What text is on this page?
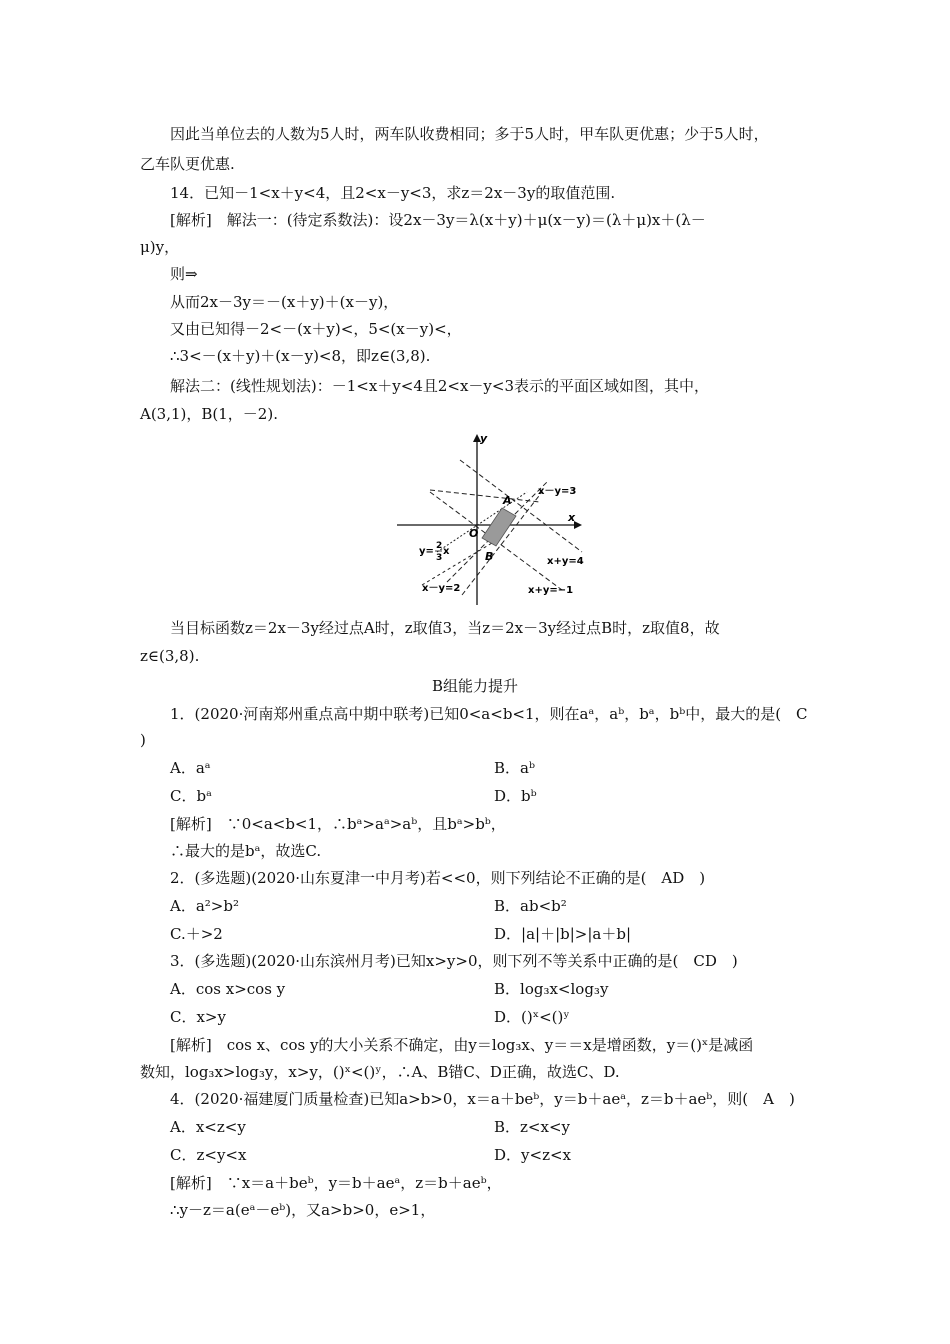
因此当单位去的人数为5人时，两车队收费相同；多于5人时，甲车队更优惠；少于5人时，
乙车队更优惠.
14．已知－1<x＋y<4，且2<x－y<3，求z＝2x－3y的取值范围.
[解析]　解法一：(待定系数法)：设2x－3y＝λ(x＋y)＋μ(x－y)＝(λ＋μ)x＋(λ－
μ)y，
则⇒
从而2x－3y＝－(x＋y)＋(x－y)，
又由已知得－2<－(x＋y)<，5<(x－y)<，
∴3<－(x＋y)＋(x－y)<8，即z∈(3,8).
解法二：(线性规划法)：－1<x＋y<4且2<x－y<3表示的平面区域如图，其中，
A(3,1)，B(1，－2).
x
y
O
A
B
x－y=3
x+y=4
x+y=−1
x－y=2
y= 2
3
x
当目标函数z＝2x－3y经过点A时，z取值3，当z＝2x－3y经过点B时，z取值8，故
z∈(3,8).
B组能力提升
1．(2020·河南郑州重点高中期中联考)已知0<a<b<1，则在aᵃ，aᵇ，bᵃ，bᵇ中，最大的是(　C
)
A．aᵃ	B．aᵇ
C．bᵃ	D．bᵇ
[解析]　∵0<a<b<1，∴bᵃ>aᵃ>aᵇ，且bᵃ>bᵇ，
∴最大的是bᵃ，故选C.
2．(多选题)(2020·山东夏津一中月考)若<<0，则下列结论不正确的是(　AD　)
A．a²>b²	B．ab<b²
C.＋>2	D．|a|＋|b|>|a＋b|
3．(多选题)(2020·山东滨州月考)已知x>y>0，则下列不等关系中正确的是(　CD　)
A．cos x>cos y	B．log₃x<log₃y
C．x>y	D．()ˣ<()ʸ
[解析]　cos x、cos y的大小关系不确定，由y＝log₃x、y＝＝x是增函数，y＝()ˣ是减函
数知，log₃x>log₃y，x>y，()ˣ<()ʸ，∴A、B错C、D正确，故选C、D.
4．(2020·福建厦门质量检查)已知a>b>0，x＝a＋beᵇ，y＝b＋aeᵃ，z＝b＋aeᵇ，则(　A　)
A．x<z<y	B．z<x<y
C．z<y<x	D．y<z<x
[解析]　∵x＝a＋beᵇ，y＝b＋aeᵃ，z＝b＋aeᵇ，
∴y－z＝a(eᵃ－eᵇ)，又a>b>0，e>1，
